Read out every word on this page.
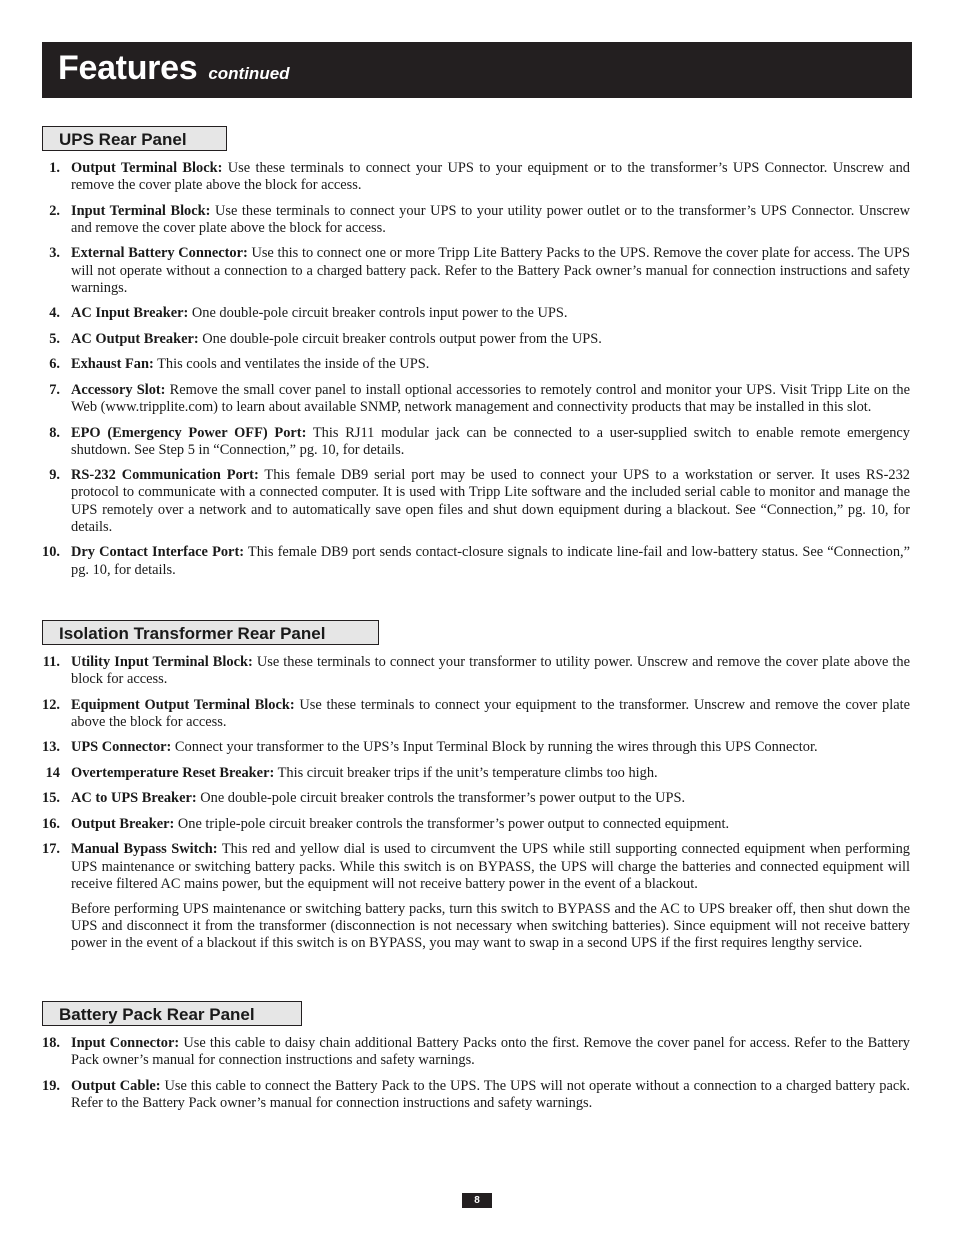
Features continued
UPS Rear Panel
1. Output Terminal Block: Use these terminals to connect your UPS to your equipment or to the transformer’s UPS Connector. Unscrew and remove the cover plate above the block for access.
2. Input Terminal Block: Use these terminals to connect your UPS to your utility power outlet or to the transformer’s UPS Connector. Unscrew and remove the cover plate above the block for access.
3. External Battery Connector: Use this to connect one or more Tripp Lite Battery Packs to the UPS. Remove the cover plate for access. The UPS will not operate without a connection to a charged battery pack. Refer to the Battery Pack owner’s manual for connection instructions and safety warnings.
4. AC Input Breaker: One double-pole circuit breaker controls input power to the UPS.
5. AC Output Breaker: One double-pole circuit breaker controls output power from the UPS.
6. Exhaust Fan: This cools and ventilates the inside of the UPS.
7. Accessory Slot: Remove the small cover panel to install optional accessories to remotely control and monitor your UPS. Visit Tripp Lite on the Web (www.tripplite.com) to learn about available SNMP, network management and connectivity products that may be installed in this slot.
8. EPO (Emergency Power OFF) Port: This RJ11 modular jack can be connected to a user-supplied switch to enable remote emergency shutdown. See Step 5 in “Connection,” pg. 10, for details.
9. RS-232 Communication Port: This female DB9 serial port may be used to connect your UPS to a workstation or server. It uses RS-232 protocol to communicate with a connected computer. It is used with Tripp Lite software and the included serial cable to monitor and manage the UPS remotely over a network and to automatically save open files and shut down equipment during a blackout. See “Connection,” pg. 10, for details.
10. Dry Contact Interface Port: This female DB9 port sends contact-closure signals to indicate line-fail and low-battery status. See “Connection,” pg. 10, for details.
Isolation Transformer Rear Panel
11. Utility Input Terminal Block: Use these terminals to connect your transformer to utility power. Unscrew and remove the cover plate above the block for access.
12. Equipment Output Terminal Block: Use these terminals to connect your equipment to the transformer. Unscrew and remove the cover plate above the block for access.
13. UPS Connector: Connect your transformer to the UPS’s Input Terminal Block by running the wires through this UPS Connector.
14 Overtemperature Reset Breaker: This circuit breaker trips if the unit’s temperature climbs too high.
15. AC to UPS Breaker: One double-pole circuit breaker controls the transformer’s power output to the UPS.
16. Output Breaker: One triple-pole circuit breaker controls the transformer’s power output to connected equipment.
17. Manual Bypass Switch: This red and yellow dial is used to circumvent the UPS while still supporting connected equipment when performing UPS maintenance or switching battery packs. While this switch is on BYPASS, the UPS will charge the batteries and connected equipment will receive filtered AC mains power, but the equipment will not receive battery power in the event of a blackout.
Before performing UPS maintenance or switching battery packs, turn this switch to BYPASS and the AC to UPS breaker off, then shut down the UPS and disconnect it from the transformer (disconnection is not necessary when switching batteries). Since equipment will not receive battery power in the event of a blackout if this switch is on BYPASS, you may want to swap in a second UPS if the first requires lengthy service.
Battery Pack Rear Panel
18. Input Connector: Use this cable to daisy chain additional Battery Packs onto the first. Remove the cover panel for access. Refer to the Battery Pack owner’s manual for connection instructions and safety warnings.
19. Output Cable: Use this cable to connect the Battery Pack to the UPS. The UPS will not operate without a connection to a charged battery pack. Refer to the Battery Pack owner’s manual for connection instructions and safety warnings.
8
